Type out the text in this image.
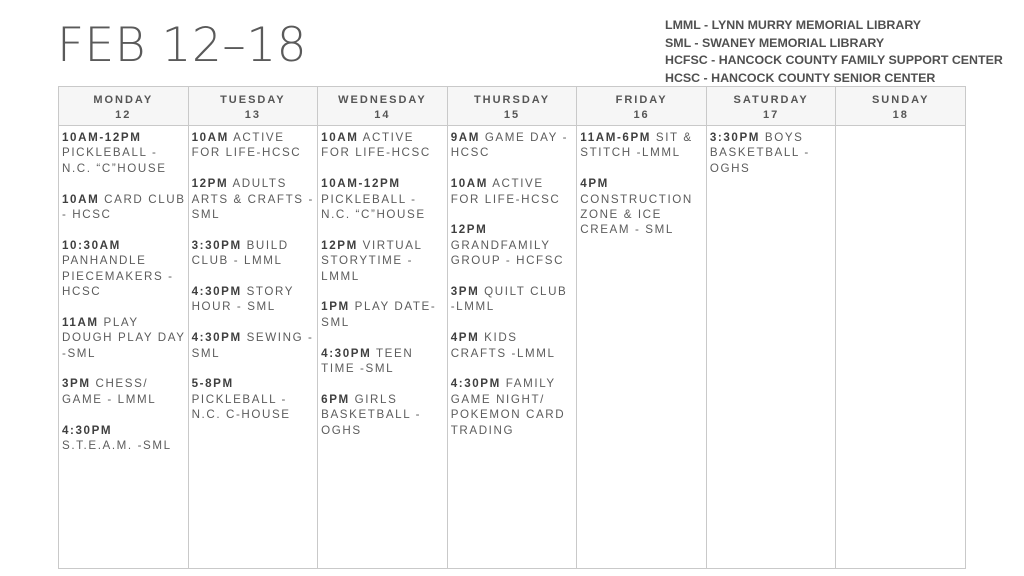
FEB 12–18	LMML - LYNN MURRY MEMORIAL LIBRARY
SML - SWANEY MEMORIAL LIBRARY
HCFSC - HANCOCK COUNTY FAMILY SUPPORT CENTER
HCSC - HANCOCK COUNTY SENIOR CENTER
MONDAY
12
TUESDAY
13
WEDNESDAY
14
THURSDAY
15
FRIDAY
16
SATURDAY
17
SUNDAY
18
10AM-12PM PICKLEBALL - N.C. “C”HOUSE
10AM CARD CLUB - HCSC
10:30AM PANHANDLE PIECEMAKERS - HCSC
11AM PLAY DOUGH PLAY DAY -SML
3PM CHESS/ GAME - LMML
4:30PM S.T.E.A.M. -SML
10AM ACTIVE FOR LIFE-HCSC
12PM ADULTS ARTS & CRAFTS -SML
3:30PM BUILD CLUB - LMML
4:30PM STORY HOUR - SML
4:30PM SEWING -SML
5-8PM PICKLEBALL - N.C. C-HOUSE
10AM ACTIVE FOR LIFE-HCSC
10AM-12PM PICKLEBALL - N.C. “C”HOUSE
12PM VIRTUAL STORYTIME - LMML
1PM PLAY DATE- SML
4:30PM TEEN TIME -SML
6PM GIRLS BASKETBALL - OGHS
9AM GAME DAY - HCSC
10AM ACTIVE FOR LIFE-HCSC
12PM GRANDFAMILY GROUP - HCFSC
3PM QUILT CLUB -LMML
4PM KIDS CRAFTS -LMML
4:30PM FAMILY GAME NIGHT/ POKEMON CARD TRADING
11AM-6PM SIT & STITCH -LMML
4PM CONSTRUCTION ZONE & ICE CREAM - SML
3:30PM BOYS BASKETBALL - OGHS
